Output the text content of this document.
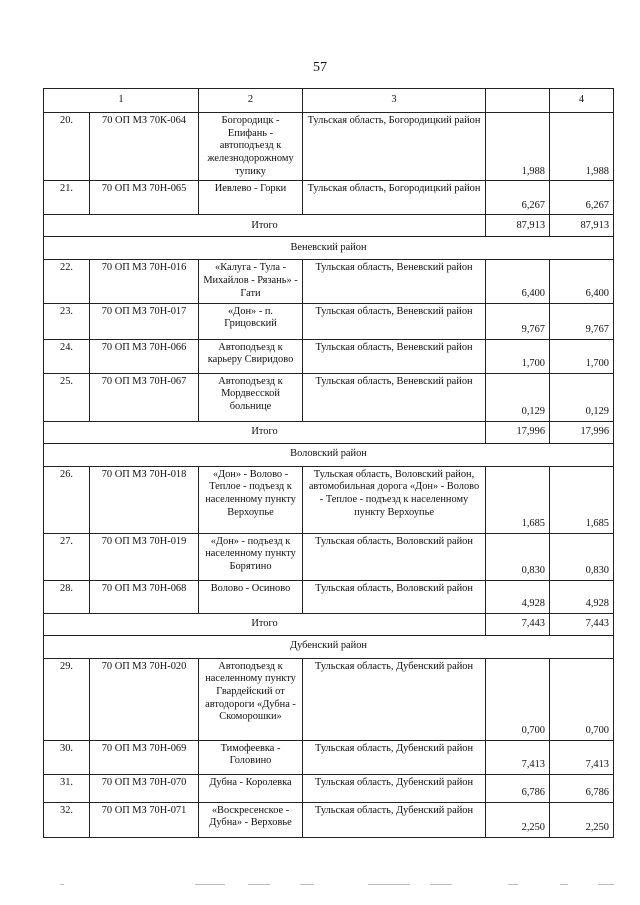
57
1		2	3		4
20.	70 ОП МЗ 70К-064	Богородицк - Епифань - автоподъезд к железнодорожному тупику	Тульская область, Богородицкий район	1,988	1,988
21.	70 ОП МЗ 70Н-065	Иевлево - Горки	Тульская область, Богородицкий район	6,267	6,267
Итого				87,913	87,913
Веневский район					
22.	70 ОП МЗ 70Н-016	«Калуга - Тула - Михайлов - Рязань» - Гати	Тульская область, Веневский район	6,400	6,400
23.	70 ОП МЗ 70Н-017	«Дон» - п. Грицовский	Тульская область, Веневский район	9,767	9,767
24.	70 ОП МЗ 70Н-066	Автоподъезд к карьеру Свиридово	Тульская область, Веневский район	1,700	1,700
25.	70 ОП МЗ 70Н-067	Автоподъезд к Мордвесской больнице	Тульская область, Веневский район	0,129	0,129
Итого				17,996	17,996
Воловский район					
26.	70 ОП МЗ 70Н-018	«Дон» - Волово - Теплое - подъезд к населенному пункту Верхоупье	Тульская область, Воловский район, автомобильная дорога «Дон» - Волово - Теплое - подъезд к населенному пункту Верхоупье	1,685	1,685
27.	70 ОП МЗ 70Н-019	«Дон» - подъезд к населенному пункту Борятино	Тульская область, Воловский район	0,830	0,830
28.	70 ОП МЗ 70Н-068	Волово - Осиново	Тульская область, Воловский район	4,928	4,928
Итого				7,443	7,443
Дубенский район					
29.	70 ОП МЗ 70Н-020	Автоподъезд к населенному пункту Гвардейский от автодороги «Дубна - Скоморошки»	Тульская область, Дубенский район	0,700	0,700
30.	70 ОП МЗ 70Н-069	Тимофеевка - Головино	Тульская область, Дубенский район	7,413	7,413
31.	70 ОП МЗ 70Н-070	Дубна - Королевка	Тульская область, Дубенский район	6,786	6,786
32.	70 ОП МЗ 70Н-071	«Воскресенское - Дубна» - Верховье	Тульская область, Дубенский район	2,250	2,250
